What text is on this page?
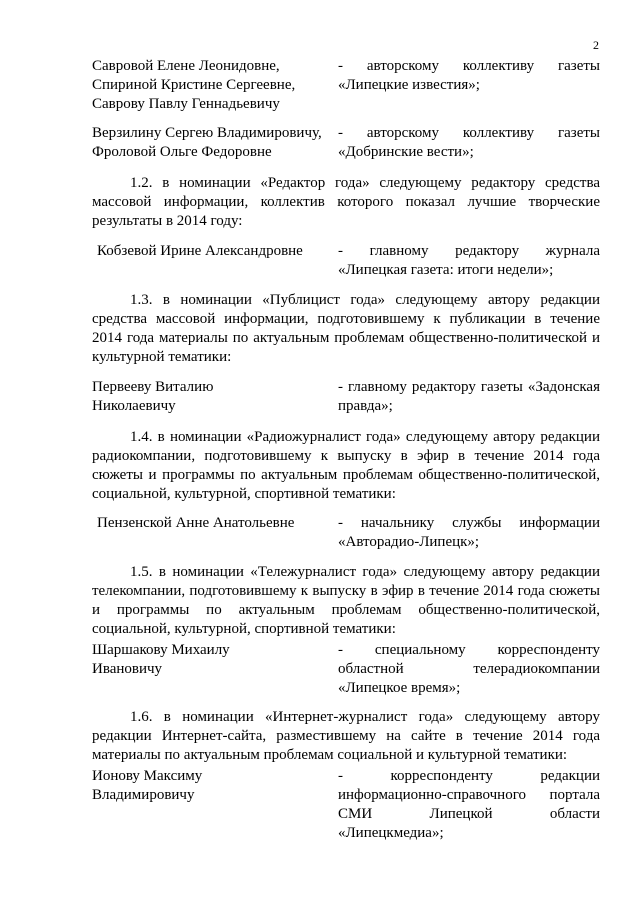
2
Савровой Елене Леонидовне,
Спириной Кристине Сергеевне,
Саврову Павлу Геннадьевичу
- авторскому коллективу газеты
«Липецкие известия»;
Верзилину Сергею Владимировичу,
Фроловой Ольге Федоровне
- авторскому коллективу газеты
«Добринские вести»;
1.2. в номинации «Редактор года» следующему редактору средства
массовой информации, коллектив которого показал лучшие творческие
результаты в 2014 году:
Кобзевой Ирине Александровне	- главному редактору журнала
«Липецкая газета: итоги недели»;
1.3. в номинации «Публицист года» следующему автору редакции
средства массовой информации, подготовившему к публикации в течение
2014 года материалы по актуальным проблемам общественно-политической и
культурной тематики:
Первееву Виталию
Николаевичу
- главному редактору газеты «Задонская
правда»;
1.4. в номинации «Радиожурналист года» следующему автору редакции
радиокомпании, подготовившему к выпуску в эфир в течение 2014 года
сюжеты и программы по актуальным проблемам общественно-политической,
социальной, культурной, спортивной тематики:
Пензенской Анне Анатольевне	- начальнику службы информации
«Авторадио-Липецк»;
1.5. в номинации «Тележурналист года» следующему автору редакции
телекомпании, подготовившему к выпуску в эфир в течение 2014 года сюжеты
и программы по актуальным проблемам общественно-политической,
социальной, культурной, спортивной тематики:
Шаршакову Михаилу
Ивановичу
- специальному корреспонденту
областной телерадиокомпании
«Липецкое время»;
1.6. в номинации «Интернет-журналист года» следующему автору
редакции Интернет-сайта, разместившему на сайте в течение 2014 года
материалы по актуальным проблемам социальной и культурной тематики:
Ионову Максиму
Владимировичу
- корреспонденту редакции
информационно-справочного портала
СМИ Липецкой области
«Липецкмедиа»;
